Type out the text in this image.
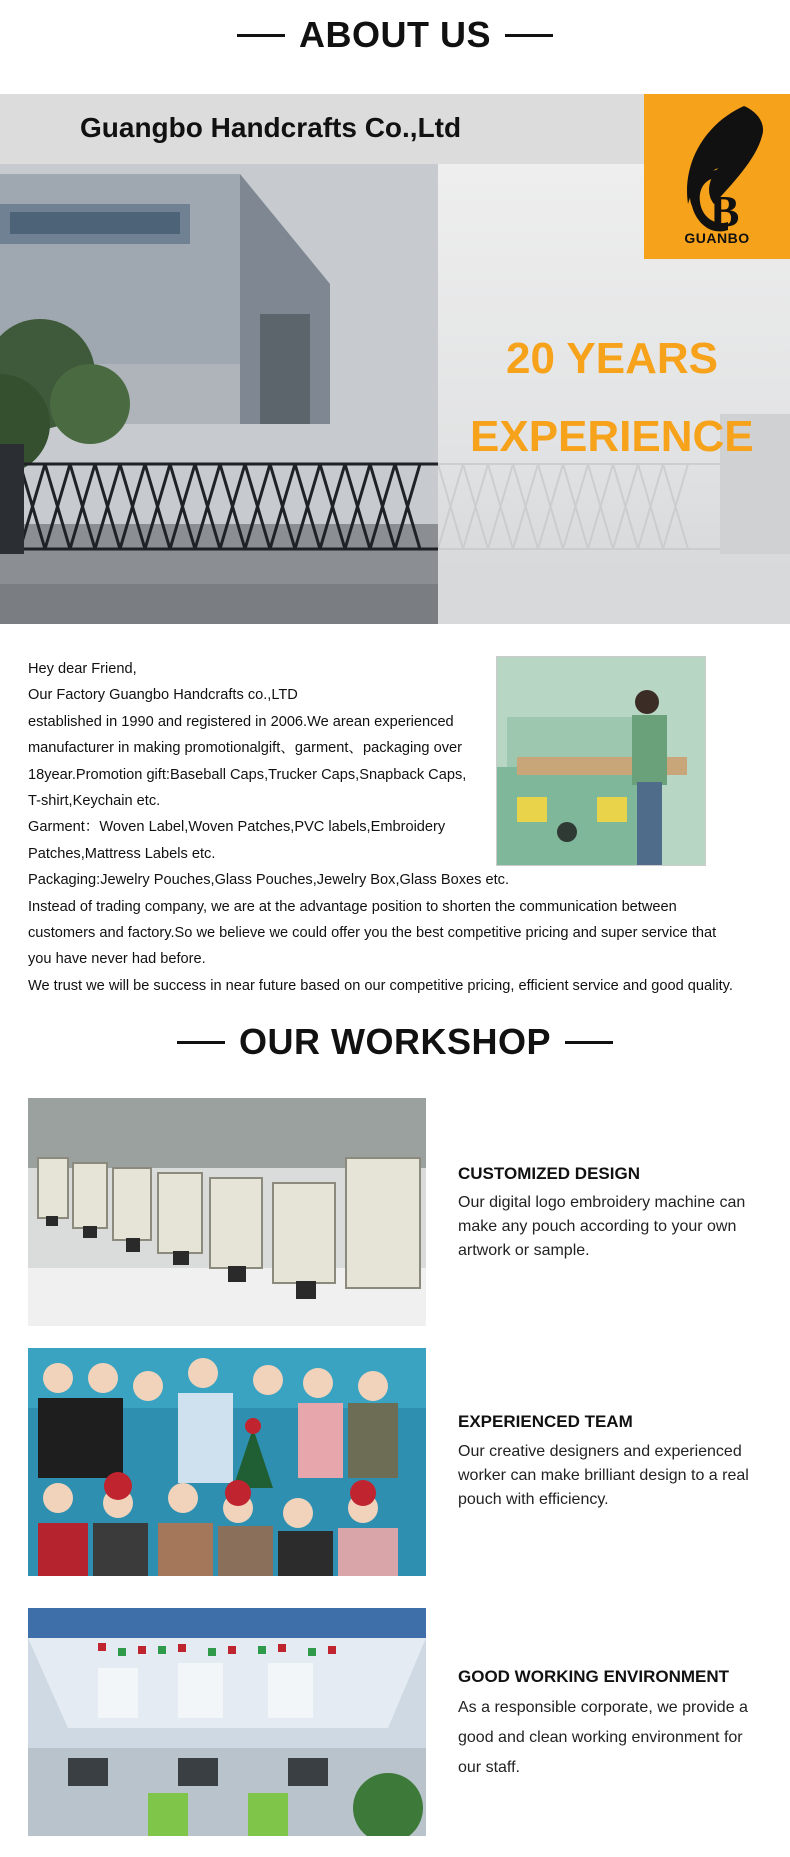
ABOUT US
Guangbo Handcrafts Co.,Ltd
B
GUANBO
20 YEARS
EXPERIENCE

Hey dear Friend,

Our Factory Guangbo Handcrafts co.,LTD

established in 1990 and registered in 2006.We arean experienced

manufacturer in making promotionalgift、garment、packaging over

18year.Promotion gift:Baseball Caps,Trucker Caps,Snapback Caps,

T-shirt,Keychain etc.

Garment：Woven Label,Woven Patches,PVC labels,Embroidery

Patches,Mattress Labels etc.

Packaging:Jewelry Pouches,Glass Pouches,Jewelry Box,Glass Boxes etc.

Instead of trading company, we are at the advantage position to shorten the communication between

customers and factory.So we believe we could offer you the best competitive pricing and super service that

you have never had before.

We trust we will be success in near future based on our competitive pricing, efficient service and good quality.

OUR WORKSHOP
CUSTOMIZED DESIGN
Our digital logo embroidery machine can
make any pouch according to your own
artwork or sample.
EXPERIENCED TEAM
Our creative designers and experienced
worker can make brilliant design to a real
pouch with efficiency.
GOOD WORKING ENVIRONMENT
As a responsible corporate, we provide a
good and clean working environment for
our staff.
